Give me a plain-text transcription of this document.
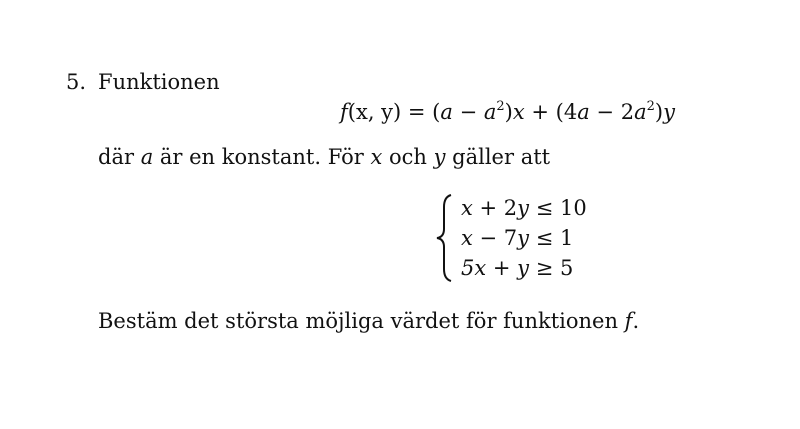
5. Funktionen
f(x, $y) = (a - a^2)x + (4a - 2a^2)y$
där a är en konstant. För x och y gäller att
x + 2y ≤ 10
x − 7y ≤ 1
5x + y ≥ 5
Bestäm det största möjliga värdet för funktionen f.
